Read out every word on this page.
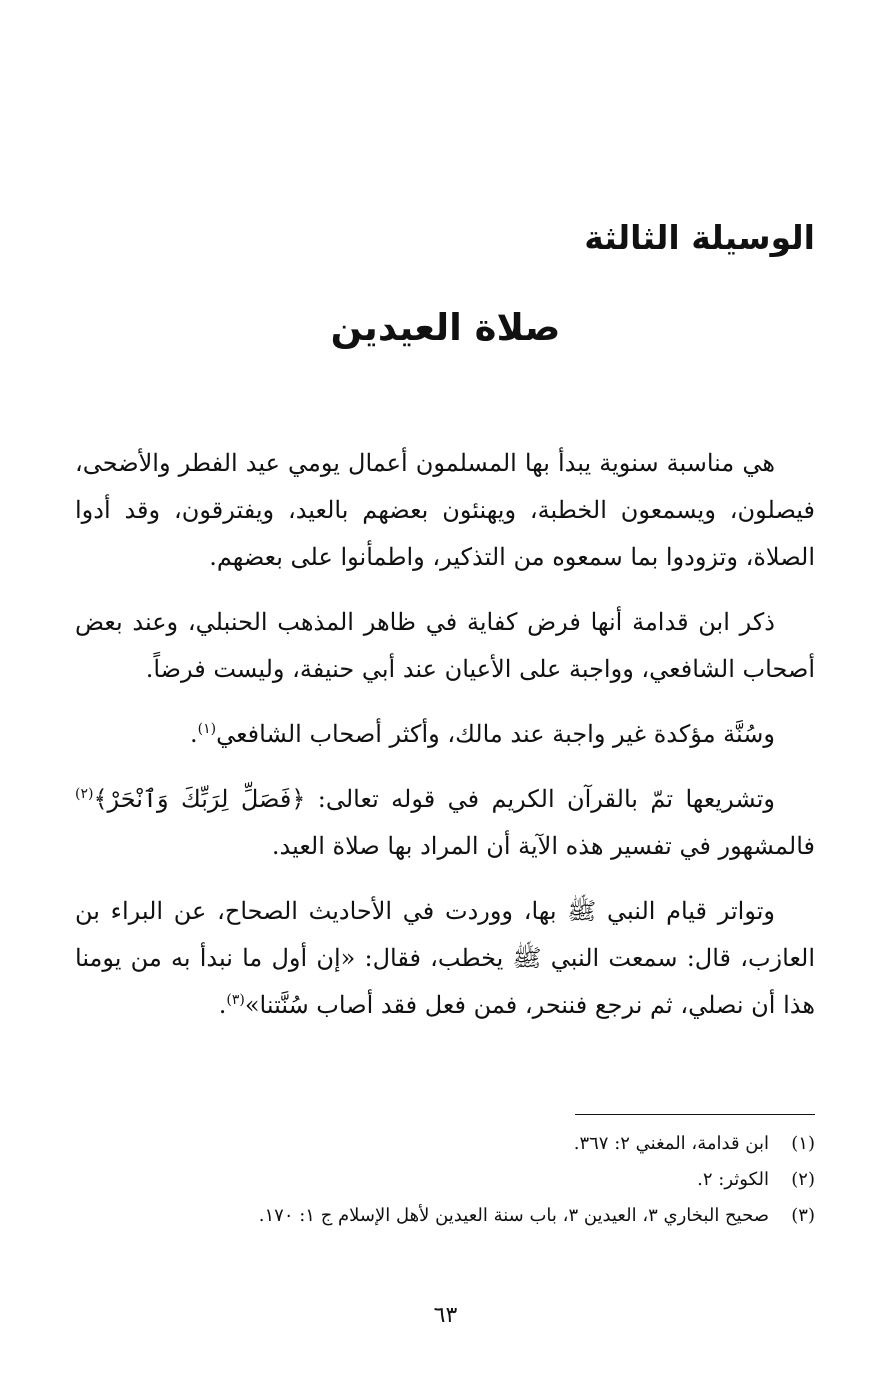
الوسيلة الثالثة
صلاة العيدين

هي مناسبة سنوية يبدأ بها المسلمون أعمال يومي عيد الفطر والأضحى، فيصلون، ويسمعون الخطبة، ويهنئون بعضهم بالعيد، ويفترقون، وقد أدوا الصلاة، وتزودوا بما سمعوه من التذكير، واطمأنوا على بعضهم.

ذكر ابن قدامة أنها فرض كفاية في ظاهر المذهب الحنبلي، وعند بعض أصحاب الشافعي، وواجبة على الأعيان عند أبي حنيفة، وليست فرضاً.

وسُنَّة مؤكدة غير واجبة عند مالك، وأكثر أصحاب الشافعي$^{(١)}$.

وتشريعها تمّ بالقرآن الكريم في قوله تعالى: ﴿فَصَلِّ لِرَبِّكَ وَٱنْحَرْ﴾$^{(٢)}$ فالمشهور في تفسير هذه الآية أن المراد بها صلاة العيد.

وتواتر قيام النبي ﷺ بها، ووردت في الأحاديث الصحاح، عن البراء بن العازب، قال: سمعت النبي ﷺ يخطب، فقال: «إن أول ما نبدأ به من يومنا هذا أن نصلي، ثم نرجع فننحر، فمن فعل فقد أصاب سُنَّتنا»$^{(٣)}$.

(١)ابن قدامة، المغني ٢: ٣٦٧.
(٢)الكوثر: ٢.
(٣)صحيح البخاري ٣، العيدين ٣، باب سنة العيدين لأهل الإسلام ج ١: ١٧٠.
٦٣
